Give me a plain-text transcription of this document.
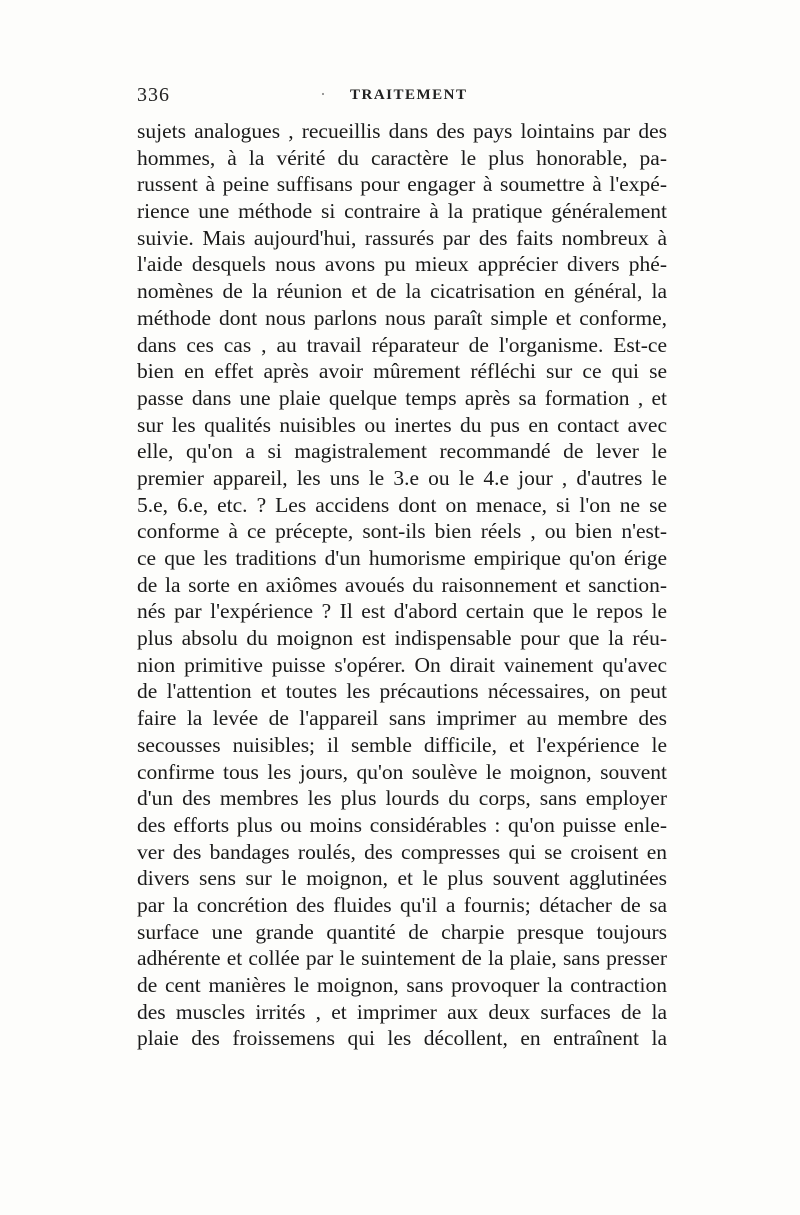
336	· TRAITEMENT
sujets analogues , recueillis dans des pays lointains par des
hommes, à la vérité du caractère le plus honorable, pa-
russent à peine suffisans pour engager à soumettre à l'expé-
rience une méthode si contraire à la pratique généralement
suivie. Mais aujourd'hui, rassurés par des faits nombreux à
l'aide desquels nous avons pu mieux apprécier divers phé-
nomènes de la réunion et de la cicatrisation en général, la
méthode dont nous parlons nous paraît simple et conforme,
dans ces cas , au travail réparateur de l'organisme. Est-ce
bien en effet après avoir mûrement réfléchi sur ce qui se
passe dans une plaie quelque temps après sa formation , et
sur les qualités nuisibles ou inertes du pus en contact avec
elle, qu'on a si magistralement recommandé de lever le
premier appareil, les uns le 3.e ou le 4.e jour , d'autres le
5.e, 6.e, etc. ? Les accidens dont on menace, si l'on ne se
conforme à ce précepte, sont-ils bien réels , ou bien n'est-
ce que les traditions d'un humorisme empirique qu'on érige
de la sorte en axiômes avoués du raisonnement et sanction-
nés par l'expérience ? Il est d'abord certain que le repos le
plus absolu du moignon est indispensable pour que la réu-
nion primitive puisse s'opérer. On dirait vainement qu'avec
de l'attention et toutes les précautions nécessaires, on peut
faire la levée de l'appareil sans imprimer au membre des
secousses nuisibles; il semble difficile, et l'expérience le
confirme tous les jours, qu'on soulève le moignon, souvent
d'un des membres les plus lourds du corps, sans employer
des efforts plus ou moins considérables : qu'on puisse enle-
ver des bandages roulés, des compresses qui se croisent en
divers sens sur le moignon, et le plus souvent agglutinées
par la concrétion des fluides qu'il a fournis; détacher de sa
surface une grande quantité de charpie presque toujours
adhérente et collée par le suintement de la plaie, sans presser
de cent manières le moignon, sans provoquer la contraction
des muscles irrités , et imprimer aux deux surfaces de la
plaie des froissemens qui les décollent, en entraînent la
